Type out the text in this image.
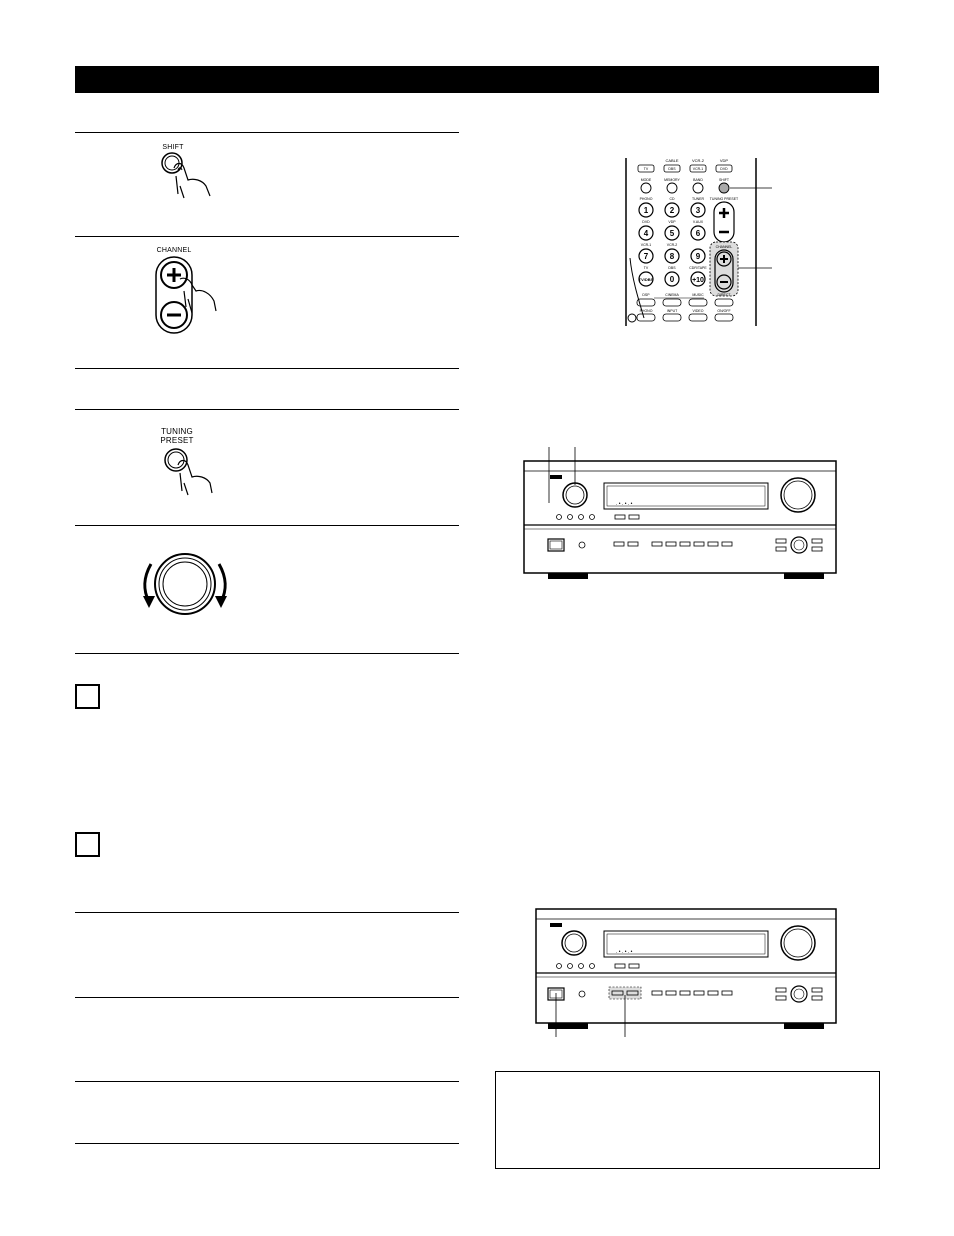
SHIFT
CHANNEL
TUNING
PRESET
CABLE	VCR-2	VDP
TV	DBS	VCR-1	DVD
MODE	MEMORY	BAND	SHIFT
PHONO	CD	TUNER TUNING PRESET
1	2	3
DVD	VDP	V.AUX
4	5	6
VCR-1	VCR-2
7	8	9
TV	DBS	CDR/TAPE
TV/DBS 0	+10
CHANNEL
DSP	CINEMA	MUSIC	DIRECT
PHONO	INPUT	VIDEO	ON/OFF
. • . • . •
. • . • . •
